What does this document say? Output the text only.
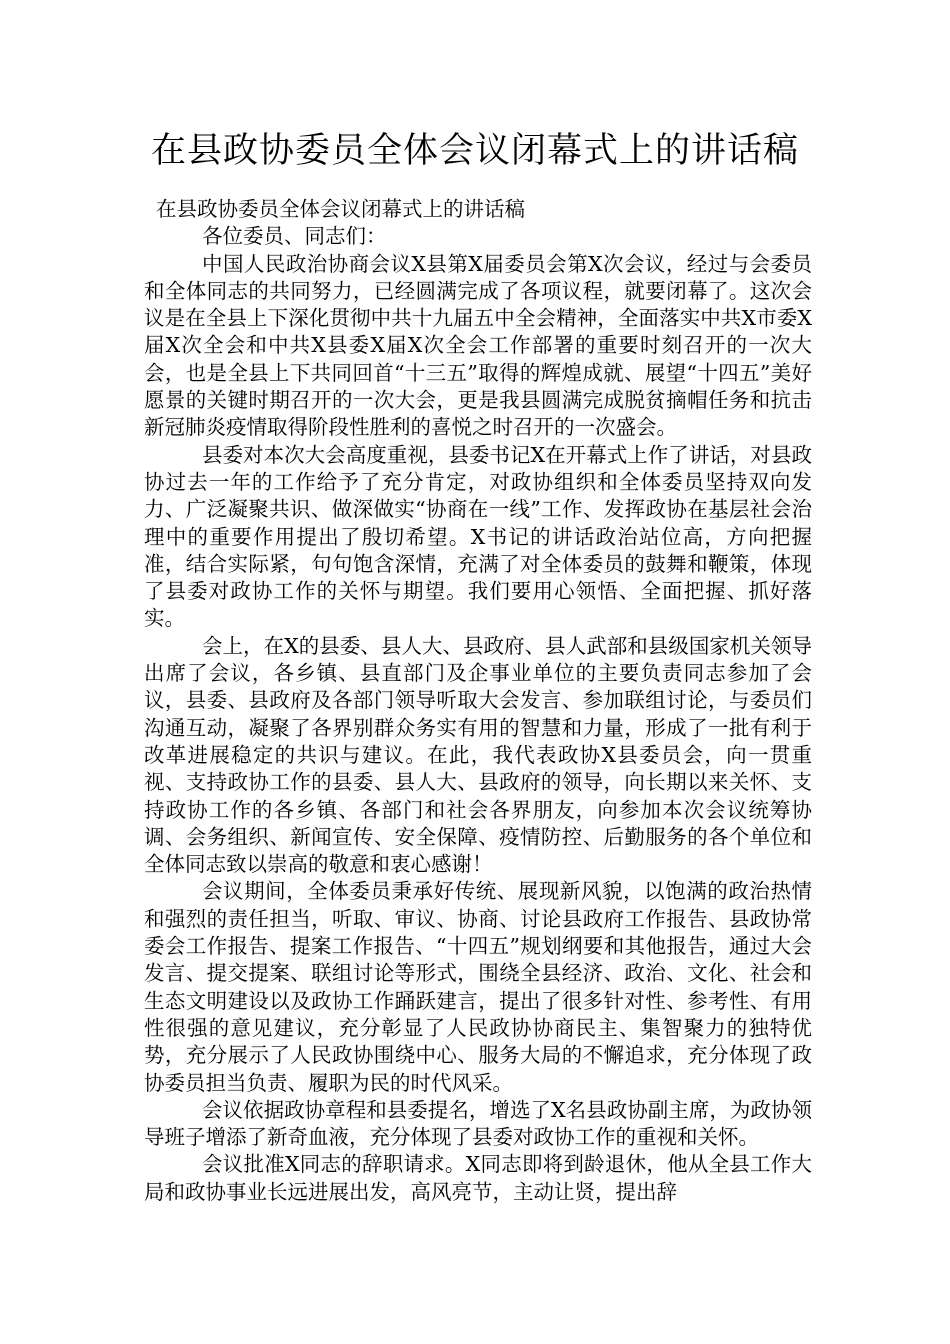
在县政协委员全体会议闭幕式上的讲话稿

在县政协委员全体会议闭幕式上的讲话稿

各位委员、同志们：

中国人民政治协商会议X县第X届委员会第X次会议，经过与会委员和全体同志的共同努力，已经圆满完成了各项议程，就要闭幕了。这次会议是在全县上下深化贯彻中共十九届五中全会精神，全面落实中共X市委X届X次全会和中共X县委X届X次全会工作部署的重要时刻召开的一次大会，也是全县上下共同回首“十三五”取得的辉煌成就、展望“十四五”美好愿景的关键时期召开的一次大会，更是我县圆满完成脱贫摘帽任务和抗击新冠肺炎疫情取得阶段性胜利的喜悦之时召开的一次盛会。

县委对本次大会高度重视，县委书记X在开幕式上作了讲话，对县政协过去一年的工作给予了充分肯定，对政协组织和全体委员坚持双向发力、广泛凝聚共识、做深做实“协商在一线”工作、发挥政协在基层社会治理中的重要作用提出了殷切希望。X书记的讲话政治站位高，方向把握准，结合实际紧，句句饱含深情，充满了对全体委员的鼓舞和鞭策，体现了县委对政协工作的关怀与期望。我们要用心领悟、全面把握、抓好落实。

会上，在X的县委、县人大、县政府、县人武部和县级国家机关领导出席了会议，各乡镇、县直部门及企事业单位的主要负责同志参加了会议，县委、县政府及各部门领导听取大会发言、参加联组讨论，与委员们沟通互动，凝聚了各界别群众务实有用的智慧和力量，形成了一批有利于改革进展稳定的共识与建议。在此，我代表政协X县委员会，向一贯重视、支持政协工作的县委、县人大、县政府的领导，向长期以来关怀、支持政协工作的各乡镇、各部门和社会各界朋友，向参加本次会议统筹协调、会务组织、新闻宣传、安全保障、疫情防控、后勤服务的各个单位和全体同志致以崇高的敬意和衷心感谢！

会议期间，全体委员秉承好传统、展现新风貌，以饱满的政治热情和强烈的责任担当，听取、审议、协商、讨论县政府工作报告、县政协常委会工作报告、提案工作报告、“十四五”规划纲要和其他报告，通过大会发言、提交提案、联组讨论等形式，围绕全县经济、政治、文化、社会和生态文明建设以及政协工作踊跃建言，提出了很多针对性、参考性、有用性很强的意见建议，充分彰显了人民政协协商民主、集智聚力的独特优势，充分展示了人民政协围绕中心、服务大局的不懈追求，充分体现了政协委员担当负责、履职为民的时代风采。

会议依据政协章程和县委提名，增选了X名县政协副主席，为政协领导班子增添了新奇血液，充分体现了县委对政协工作的重视和关怀。

会议批准X同志的辞职请求。X同志即将到龄退休，他从全县工作大局和政协事业长远进展出发，高风亮节，主动让贤，提出辞
